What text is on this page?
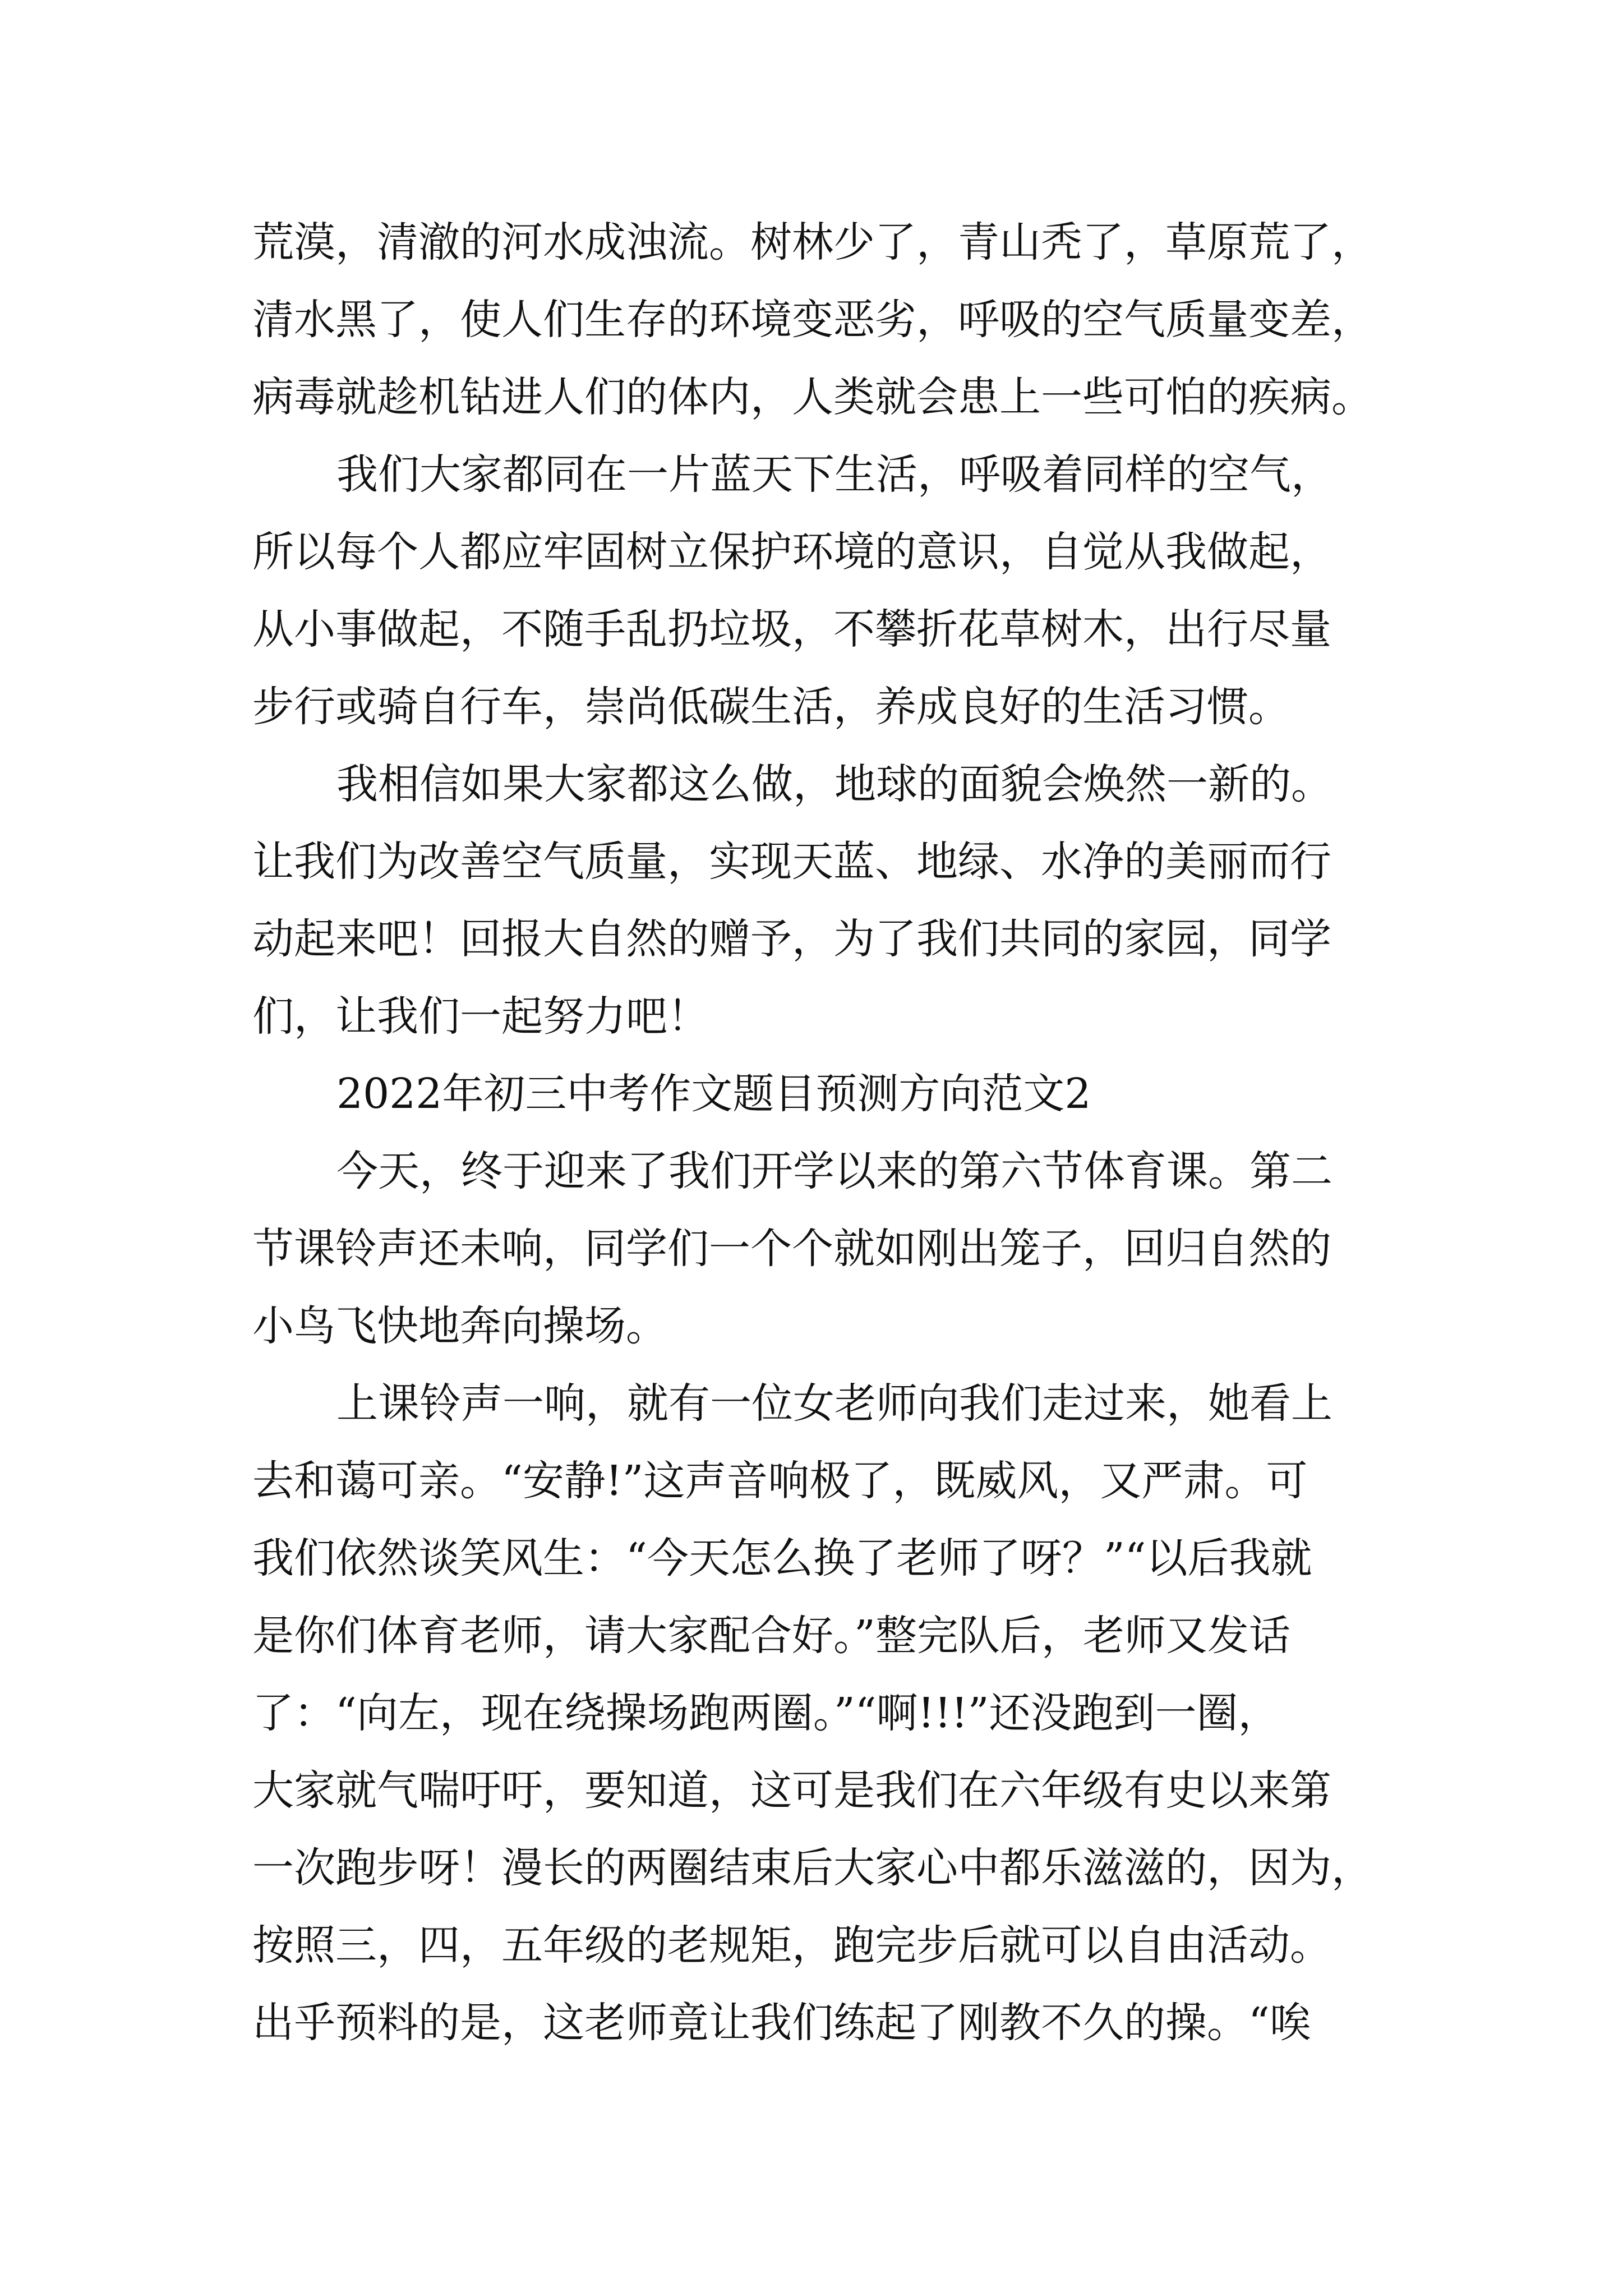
荒漠，清澈的河水成浊流。树林少了，青山秃了，草原荒了，

清水黑了，使人们生存的环境变恶劣，呼吸的空气质量变差，

病毒就趁机钻进人们的体内，人类就会患上一些可怕的疾病。

我们大家都同在一片蓝天下生活，呼吸着同样的空气，

所以每个人都应牢固树立保护环境的意识，自觉从我做起，

从小事做起，不随手乱扔垃圾，不攀折花草树木，出行尽量

步行或骑自行车，崇尚低碳生活，养成良好的生活习惯。

我相信如果大家都这么做，地球的面貌会焕然一新的。

让我们为改善空气质量，实现天蓝、地绿、水净的美丽而行

动起来吧！回报大自然的赠予，为了我们共同的家园，同学

们，让我们一起努力吧！

2022年初三中考作文题目预测方向范文2

今天，终于迎来了我们开学以来的第六节体育课。第二

节课铃声还未响，同学们一个个就如刚出笼子，回归自然的

小鸟飞快地奔向操场。

上课铃声一响，就有一位女老师向我们走过来，她看上

去和蔼可亲。“安静!”这声音响极了，既威风，又严肃。可

我们依然谈笑风生：“今天怎么换了老师了呀？”“以后我就

是你们体育老师，请大家配合好。”整完队后，老师又发话

了：“向左，现在绕操场跑两圈。”“啊!!!”还没跑到一圈，

大家就气喘吁吁，要知道，这可是我们在六年级有史以来第

一次跑步呀！漫长的两圈结束后大家心中都乐滋滋的，因为，

按照三，四，五年级的老规矩，跑完步后就可以自由活动。

出乎预料的是，这老师竟让我们练起了刚教不久的操。“唉
